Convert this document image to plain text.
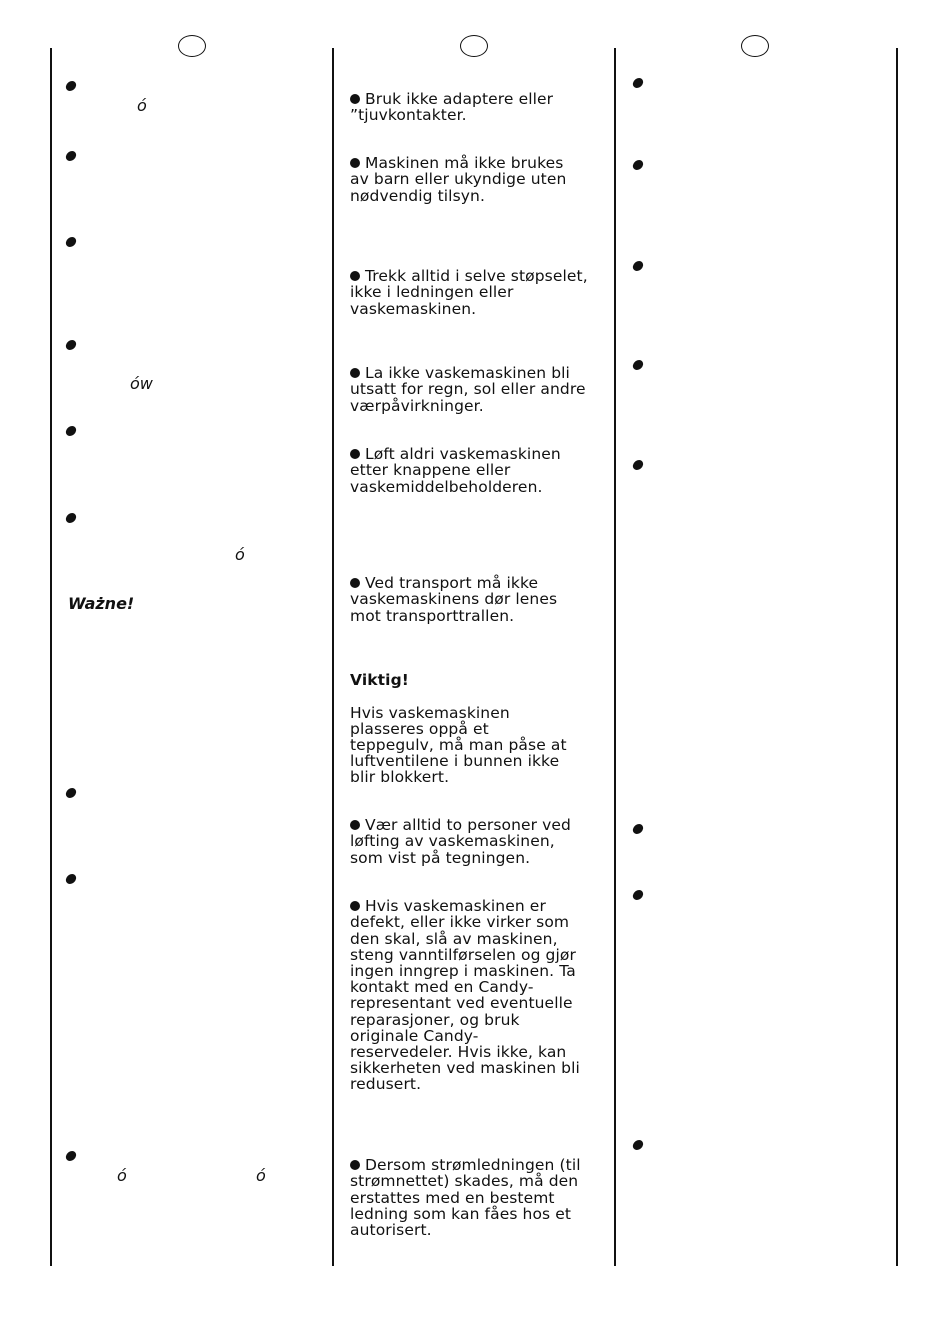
ó
ów
ó
Ważne!
ó	ó

Bruk ikke adaptere eller
”tjuvkontakter.

Maskinen må ikke brukes
av barn eller ukyndige uten
nødvendig tilsyn.

Trekk alltid i selve støpselet,
ikke i ledningen eller
vaskemaskinen.

La ikke vaskemaskinen bli
utsatt for regn, sol eller andre
værpåvirkninger.

Løft aldri vaskemaskinen
etter knappene eller
vaskemiddelbeholderen.

Ved transport må ikke
vaskemaskinens dør lenes
mot transporttrallen.

Viktig!

Hvis vaskemaskinen
plasseres oppå et
teppegulv, må man påse at
luftventilene i bunnen ikke
blir blokkert.

Vær alltid to personer ved
løfting av vaskemaskinen,
som vist på tegningen.

Hvis vaskemaskinen er
defekt, eller ikke virker som
den skal, slå av maskinen,
steng vanntilførselen og gjør
ingen inngrep i maskinen. Ta
kontakt med en Candy-
representant ved eventuelle
reparasjoner, og bruk
originale Candy-
reservedeler. Hvis ikke, kan
sikkerheten ved maskinen bli
redusert.

Dersom strømledningen (til
strømnettet) skades, må den
erstattes med en bestemt
ledning som kan fåes hos et
autorisert.
